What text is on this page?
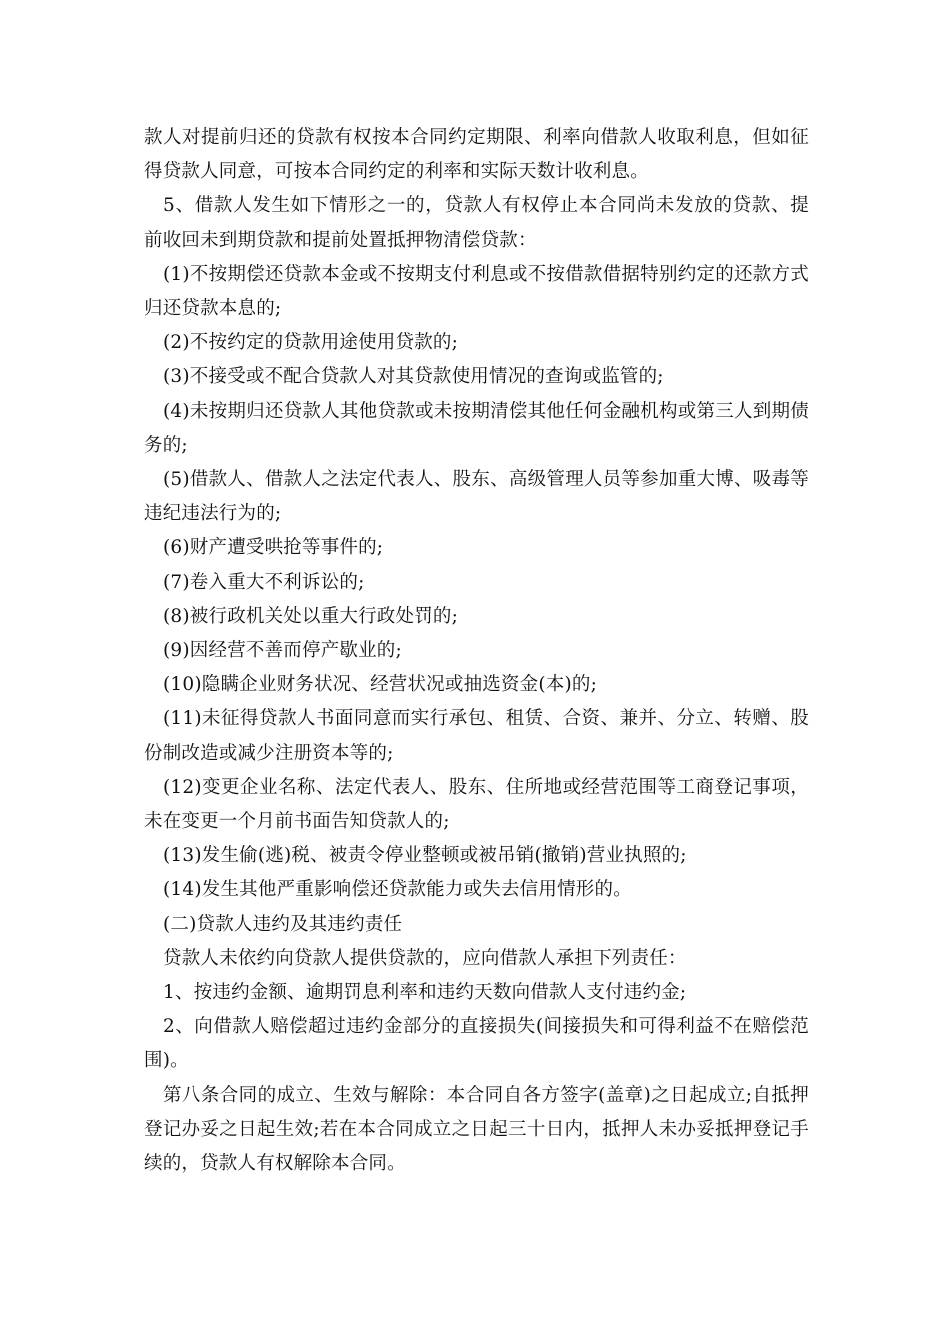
款人对提前归还的贷款有权按本合同约定期限、利率向借款人收取利息，但如征得贷款人同意，可按本合同约定的利率和实际天数计收利息。

5、借款人发生如下情形之一的，贷款人有权停止本合同尚未发放的贷款、提前收回未到期贷款和提前处置抵押物清偿贷款：

(1)不按期偿还贷款本金或不按期支付利息或不按借款借据特别约定的还款方式归还贷款本息的;

(2)不按约定的贷款用途使用贷款的;

(3)不接受或不配合贷款人对其贷款使用情况的查询或监管的;

(4)未按期归还贷款人其他贷款或未按期清偿其他任何金融机构或第三人到期债务的;

(5)借款人、借款人之法定代表人、股东、高级管理人员等参加重大博、吸毒等违纪违法行为的;

(6)财产遭受哄抢等事件的;

(7)卷入重大不利诉讼的;

(8)被行政机关处以重大行政处罚的;

(9)因经营不善而停产歇业的;

(10)隐瞒企业财务状况、经营状况或抽选资金(本)的;

(11)未征得贷款人书面同意而实行承包、租赁、合资、兼并、分立、转赠、股份制改造或减少注册资本等的;

(12)变更企业名称、法定代表人、股东、住所地或经营范围等工商登记事项，未在变更一个月前书面告知贷款人的;

(13)发生偷(逃)税、被责令停业整顿或被吊销(撤销)营业执照的;

(14)发生其他严重影响偿还贷款能力或失去信用情形的。

(二)贷款人违约及其违约责任

贷款人未依约向贷款人提供贷款的，应向借款人承担下列责任：

1、按违约金额、逾期罚息利率和违约天数向借款人支付违约金;

2、向借款人赔偿超过违约金部分的直接损失(间接损失和可得利益不在赔偿范围)。

第八条合同的成立、生效与解除：本合同自各方签字(盖章)之日起成立;自抵押登记办妥之日起生效;若在本合同成立之日起三十日内，抵押人未办妥抵押登记手续的，贷款人有权解除本合同。
